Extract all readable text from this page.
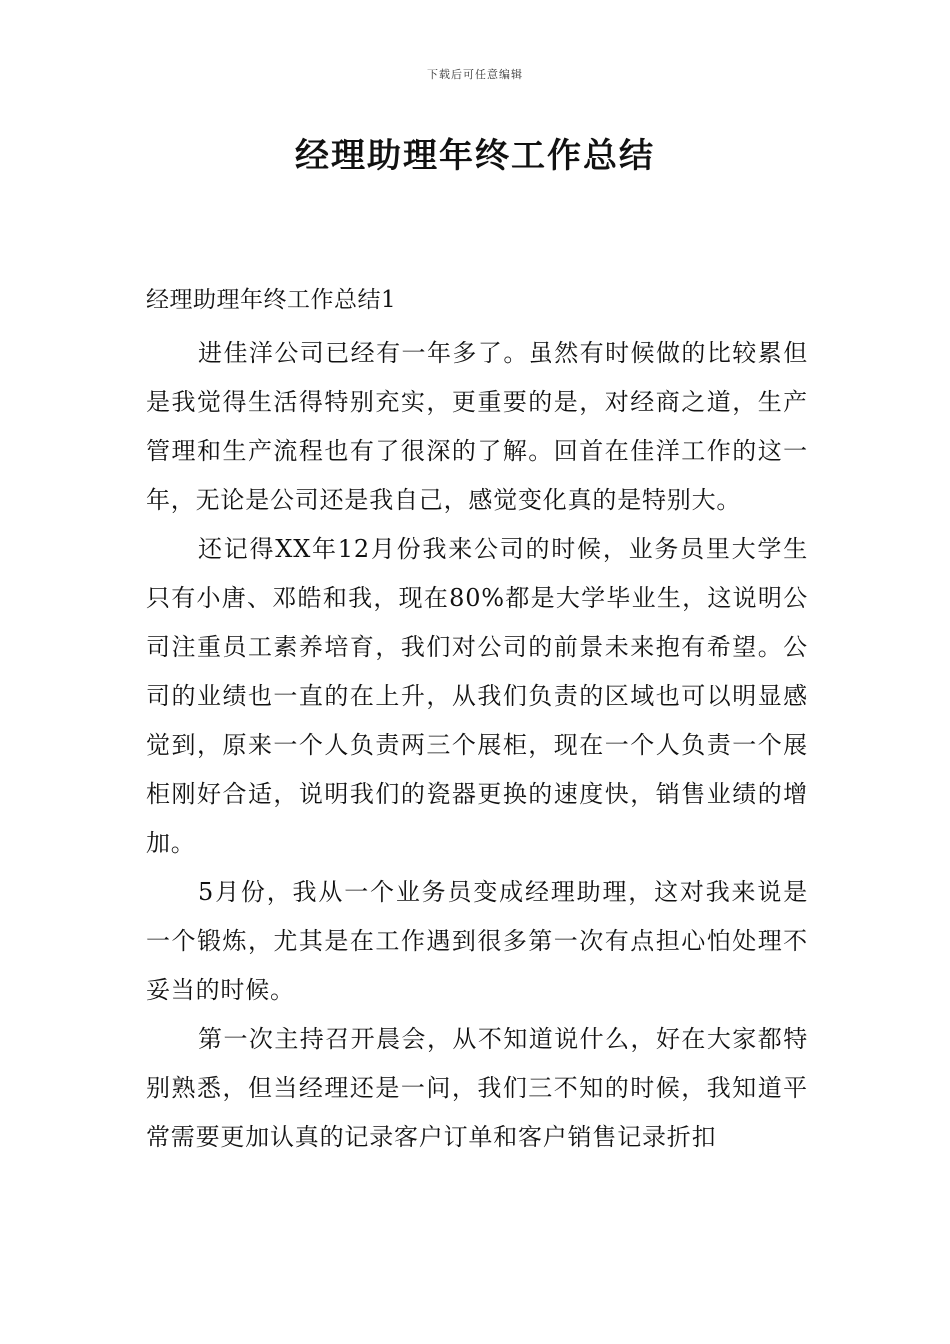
下载后可任意编辑
经理助理年终工作总结

经理助理年终工作总结1

进佳洋公司已经有一年多了。虽然有时候做的比较累但是我觉得生活得特别充实，更重要的是，对经商之道，生产管理和生产流程也有了很深的了解。回首在佳洋工作的这一年，无论是公司还是我自己，感觉变化真的是特别大。

还记得XX年12月份我来公司的时候，业务员里大学生只有小唐、邓皓和我，现在80%都是大学毕业生，这说明公司注重员工素养培育，我们对公司的前景未来抱有希望。公司的业绩也一直的在上升，从我们负责的区域也可以明显感觉到，原来一个人负责两三个展柜，现在一个人负责一个展柜刚好合适，说明我们的瓷器更换的速度快，销售业绩的增加。

5月份，我从一个业务员变成经理助理，这对我来说是一个锻炼，尤其是在工作遇到很多第一次有点担心怕处理不妥当的时候。

第一次主持召开晨会，从不知道说什么，好在大家都特别熟悉，但当经理还是一问，我们三不知的时候，我知道平常需要更加认真的记录客户订单和客户销售记录折扣
